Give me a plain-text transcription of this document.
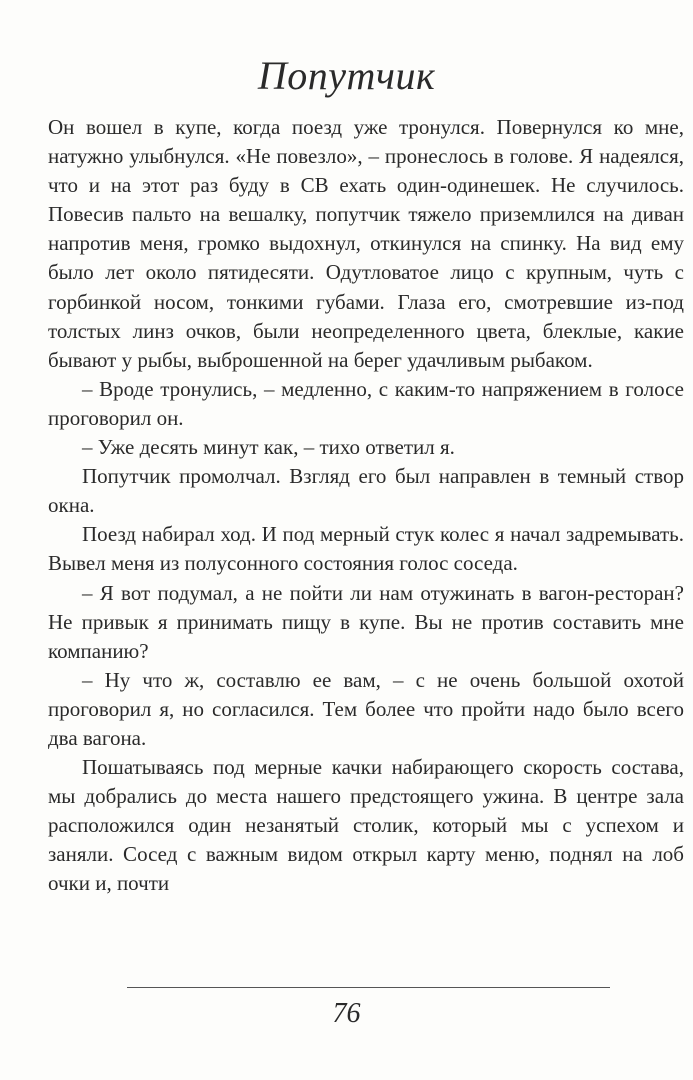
Попутчик

Он вошел в купе, когда поезд уже тронулся. Повернулся ко мне, натужно улыбнулся. «Не повезло», – пронеслось в голове. Я надеялся, что и на этот раз буду в СВ ехать один-одинешек. Не случилось. Повесив пальто на вешалку, попутчик тяжело приземлился на диван напротив меня, громко выдохнул, откинулся на спинку. На вид ему было лет около пятидесяти. Одутловатое лицо с крупным, чуть с горбинкой носом, тонкими губами. Глаза его, смотревшие из-под толстых линз очков, были неопределенного цвета, блеклые, какие бывают у рыбы, выброшенной на берег удачливым рыбаком.

– Вроде тронулись, – медленно, с каким-то напряжением в голосе проговорил он.

– Уже десять минут как, – тихо ответил я.

Попутчик промолчал. Взгляд его был направлен в темный створ окна.

Поезд набирал ход. И под мерный стук колес я начал задремывать. Вывел меня из полусонного состояния голос соседа.

– Я вот подумал, а не пойти ли нам отужинать в вагон-ресторан? Не привык я принимать пищу в купе. Вы не против составить мне компанию?

– Ну что ж, составлю ее вам, – с не очень большой охотой проговорил я, но согласился. Тем более что пройти надо было всего два вагона.

Пошатываясь под мерные качки набирающего скорость состава, мы добрались до места нашего предстоящего ужина. В центре зала расположился один незанятый столик, который мы с успехом и заняли. Сосед с важным видом открыл карту меню, поднял на лоб очки и, почти

76
